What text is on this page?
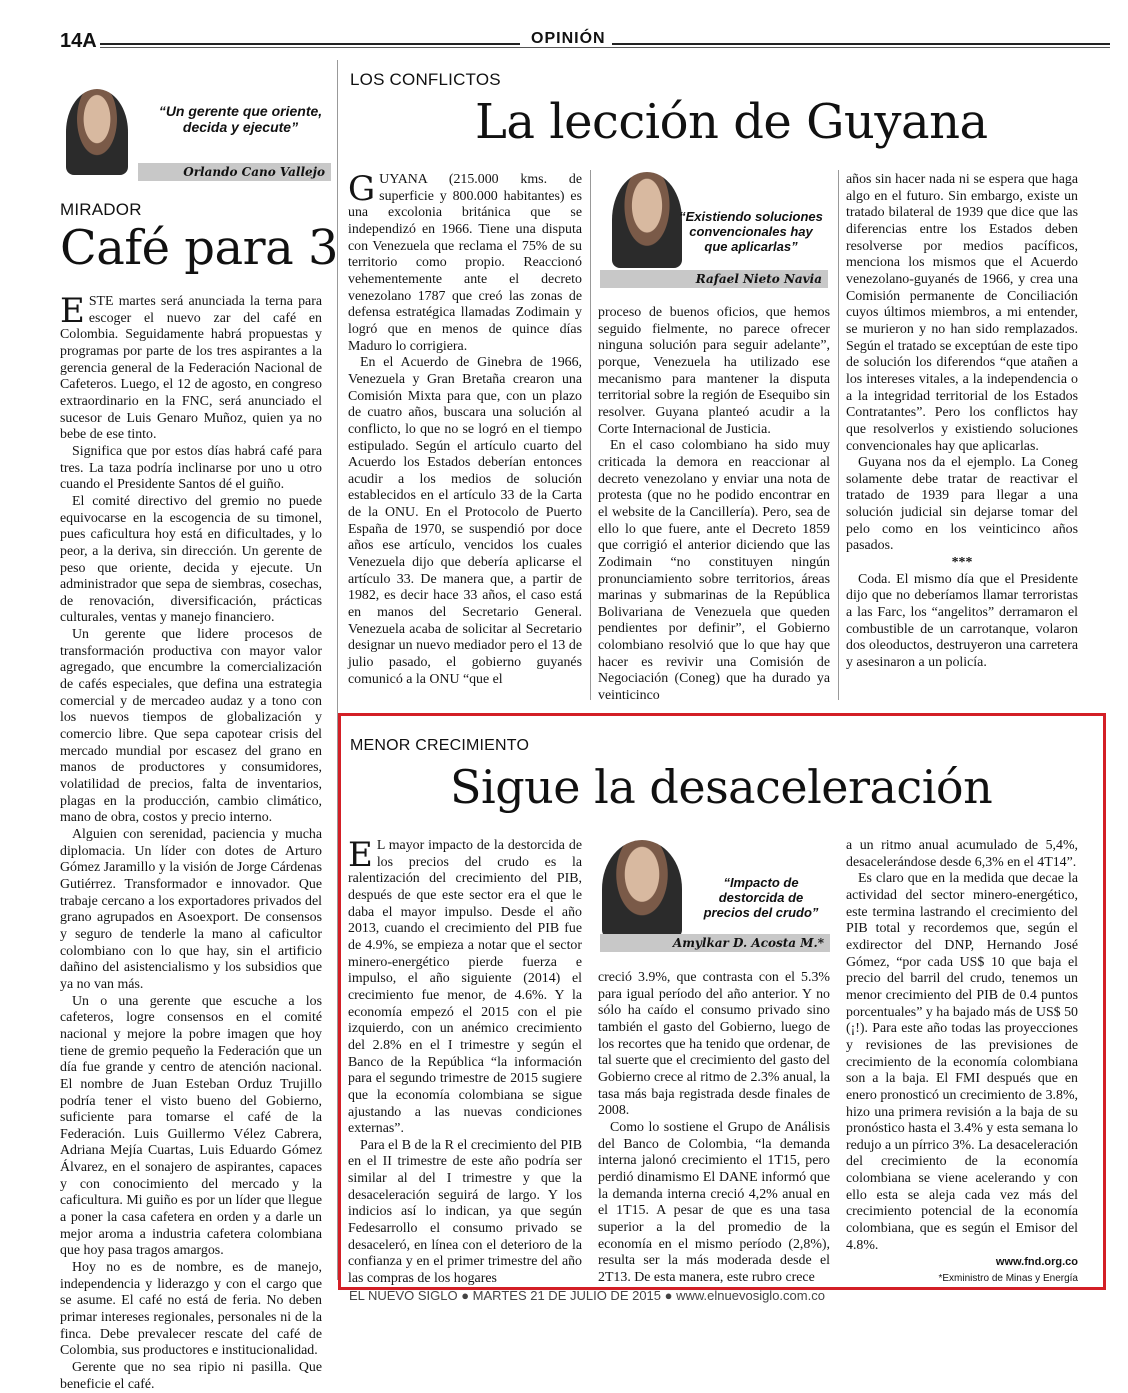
14A	OPINIÓN
“Un gerente que oriente, decida y ejecute”
Orlando Cano Vallejo
MIRADOR
Café para 3
E STE martes será anunciada la terna para escoger el nuevo zar del café en Colombia. Seguidamente habrá propuestas y programas por parte de los tres aspirantes a la gerencia general de la Federación Nacional de Cafeteros. Luego, el 12 de agosto, en congreso extraordinario en la FNC, será anunciado el sucesor de Luis Genaro Muñoz, quien ya no bebe de ese tinto.

Significa que por estos días habrá café para tres. La taza podría inclinarse por uno u otro cuando el Presidente Santos dé el guiño.

El comité directivo del gremio no puede equivocarse en la escogencia de su timonel, pues caficultura hoy está en dificultades, y lo peor, a la deriva, sin dirección. Un gerente de peso que oriente, decida y ejecute. Un administrador que sepa de siembras, cosechas, de renovación, diversificación, prácticas culturales, ventas y manejo financiero.

Un gerente que lidere procesos de transformación productiva con mayor valor agregado, que encumbre la comercialización de cafés especiales, que defina una estrategia comercial y de mercadeo audaz y a tono con los nuevos tiempos de globalización y comercio libre. Que sepa capotear crisis del mercado mundial por escasez del grano en manos de productores y consumidores, volatilidad de precios, falta de inventarios, plagas en la producción, cambio climático, mano de obra, costos y precio interno.

Alguien con serenidad, paciencia y mucha diplomacia. Un líder con dotes de Arturo Gómez Jaramillo y la visión de Jorge Cárdenas Gutiérrez. Transformador e innovador. Que trabaje cercano a los exportadores privados del grano agrupados en Asoexport. De consensos y seguro de tenderle la mano al caficultor colombiano con lo que hay, sin el artificio dañino del asistencialismo y los subsidios que ya no van más.

Un o una gerente que escuche a los cafeteros, logre consensos en el comité nacional y mejore la pobre imagen que hoy tiene de gremio pequeño la Federación que un día fue grande y centro de atención nacional. El nombre de Juan Esteban Orduz Trujillo podría tener el visto bueno del Gobierno, suficiente para tomarse el café de la Federación. Luis Guillermo Vélez Cabrera, Adriana Mejía Cuartas, Luis Eduardo Gómez Álvarez, en el sonajero de aspirantes, capaces y con conocimiento del mercado y la caficultura. Mi guiño es por un líder que llegue a poner la casa cafetera en orden y a darle un mejor aroma a industria cafetera colombiana que hoy pasa tragos amargos.

Hoy no es de nombre, es de manejo, independencia y liderazgo y con el cargo que se asume. El café no está de feria. No deben primar intereses regionales, personales ni de la finca. Debe prevalecer rescate del café de Colombia, sus productores e institucionalidad.

Gerente que no sea ripio ni pasilla. Que beneficie el café.

LOS CONFLICTOS
La lección de Guyana
G UYANA (215.000 kms. de superficie y 800.000 habitantes) es una excolonia británica que se independizó en 1966. Tiene una disputa con Venezuela que reclama el 75% de su territorio como propio. Reaccionó vehementemente ante el decreto venezolano 1787 que creó las zonas de defensa estratégica llamadas Zodimain y logró que en menos de quince días Maduro lo corrigiera.

En el Acuerdo de Ginebra de 1966, Venezuela y Gran Bretaña crearon una Comisión Mixta para que, con un plazo de cuatro años, buscara una solución al conflicto, lo que no se logró en el tiempo estipulado. Según el artículo cuarto del Acuerdo los Estados deberían entonces acudir a los medios de solución establecidos en el artículo 33 de la Carta de la ONU. En el Protocolo de Puerto España de 1970, se suspendió por doce años ese artículo, vencidos los cuales Venezuela dijo que debería aplicarse el artículo 33. De manera que, a partir de 1982, es decir hace 33 años, el caso está en manos del Secretario General. Venezuela acaba de solicitar al Secretario designar un nuevo mediador pero el 13 de julio pasado, el gobierno guyanés comunicó a la ONU “que el

“Existiendo soluciones convencionales hay que aplicarlas”
Rafael Nieto Navia

proceso de buenos oficios, que hemos seguido fielmente, no parece ofrecer ninguna solución para seguir adelante”, porque, Venezuela ha utilizado ese mecanismo para mantener la disputa territorial sobre la región de Esequibo sin resolver. Guyana planteó acudir a la Corte Internacional de Justicia.

En el caso colombiano ha sido muy criticada la demora en reaccionar al decreto venezolano y enviar una nota de protesta (que no he podido encontrar en el website de la Cancillería). Pero, sea de ello lo que fuere, ante el Decreto 1859 que corrigió el anterior diciendo que las Zodimain “no constituyen ningún pronunciamiento sobre territorios, áreas marinas y submarinas de la República Bolivariana de Venezuela que queden pendientes por definir”, el Gobierno colombiano resolvió que lo que hay que hacer es revivir una Comisión de Negociación (Coneg) que ha durado ya veinticinco

años sin hacer nada ni se espera que haga algo en el futuro. Sin embargo, existe un tratado bilateral de 1939 que dice que las diferencias entre los Estados deben resolverse por medios pacíficos, menciona los mismos que el Acuerdo venezolano-guyanés de 1966, y crea una Comisión permanente de Conciliación cuyos últimos miembros, a mi entender, se murieron y no han sido remplazados. Según el tratado se exceptúan de este tipo de solución los diferendos “que atañen a los intereses vitales, a la independencia o a la integridad territorial de los Estados Contratantes”. Pero los conflictos hay que resolverlos y existiendo soluciones convencionales hay que aplicarlas.

Guyana nos da el ejemplo. La Coneg solamente debe tratar de reactivar el tratado de 1939 para llegar a una solución judicial sin dejarse tomar del pelo como en los veinticinco años pasados.

***

Coda. El mismo día que el Presidente dijo que no deberíamos llamar terroristas a las Farc, los “angelitos” derramaron el combustible de un carrotanque, volaron dos oleoductos, destruyeron una carretera y asesinaron a un policía.

MENOR CRECIMIENTO
Sigue la desaceleración
E L mayor impacto de la destorcida de los precios del crudo es la ralentización del crecimiento del PIB, después de que este sector era el que le daba el mayor impulso. Desde el año 2013, cuando el crecimiento del PIB fue de 4.9%, se empieza a notar que el sector minero-energético pierde fuerza e impulso, el año siguiente (2014) el crecimiento fue menor, de 4.6%. Y la economía empezó el 2015 con el pie izquierdo, con un anémico crecimiento del 2.8% en el I trimestre y según el Banco de la República “la información para el segundo trimestre de 2015 sugiere que la economía colombiana se sigue ajustando a las nuevas condiciones externas”.

Para el B de la R el crecimiento del PIB en el II trimestre de este año podría ser similar al del I trimestre y que la desaceleración seguirá de largo. Y los indicios así lo indican, ya que según Fedesarrollo el consumo privado se desaceleró, en línea con el deterioro de la confianza y en el primer trimestre del año las compras de los hogares

“Impacto de destorcida de precios del crudo”
Amylkar D. Acosta M.*

creció 3.9%, que contrasta con el 5.3% para igual período del año anterior. Y no sólo ha caído el consumo privado sino también el gasto del Gobierno, luego de los recortes que ha tenido que ordenar, de tal suerte que el crecimiento del gasto del Gobierno crece al ritmo de 2.3% anual, la tasa más baja registrada desde finales de 2008.

Como lo sostiene el Grupo de Análisis del Banco de Colombia, “la demanda interna jalonó crecimiento el 1T15, pero perdió dinamismo El DANE informó que la demanda interna creció 4,2% anual en el 1T15. A pesar de que es una tasa superior a la del promedio de la economía en el mismo período (2,8%), resulta ser la más moderada desde el 2T13. De esta manera, este rubro crece

a un ritmo anual acumulado de 5,4%, desacelerándose desde 6,3% en el 4T14”.

Es claro que en la medida que decae la actividad del sector minero-energético, este termina lastrando el crecimiento del PIB total y recordemos que, según el exdirector del DNP, Hernando José Gómez, “por cada US$ 10 que baja el precio del barril del crudo, tenemos un menor crecimiento del PIB de 0.4 puntos porcentuales” y ha bajado más de US$ 50 (¡!). Para este año todas las proyecciones y revisiones de las previsiones de crecimiento de la economía colombiana son a la baja. El FMI después que en enero pronosticó un crecimiento de 3.8%, hizo una primera revisión a la baja de su pronóstico hasta el 3.4% y esta semana lo redujo a un pírrico 3%. La desaceleración del crecimiento de la economía colombiana se viene acelerando y con ello esta se aleja cada vez más del crecimiento potencial de la economía colombiana, que es según el Emisor del 4.8%.

www.fnd.org.co

*Exministro de Minas y Energía

EL NUEVO SIGLO ● MARTES 21 DE JULIO DE 2015 ● www.elnuevosiglo.com.co
